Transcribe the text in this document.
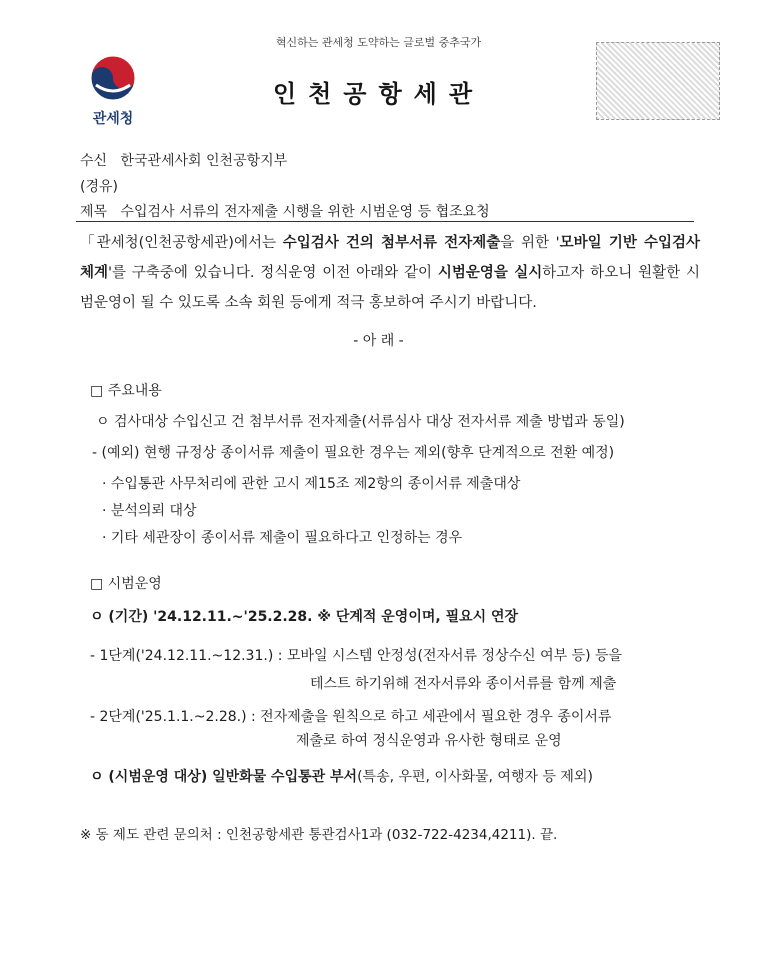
혁신하는 관세청 도약하는 글로벌 중추국가
관세청
인천공항세관
수신 한국관세사회 인천공항지부
(경유)
제목 수입검사 서류의 전자제출 시행을 위한 시범운영 등 협조요청
「관세청(인천공항세관)에서는 수입검사 건의 첨부서류 전자제출을 위한 '모바일 기반 수입검사 체계'를 구축중에 있습니다. 정식운영 이전 아래와 같이 시범운영을 실시하고자 하오니 원활한 시범운영이 될 수 있도록 소속 회원 등에게 적극 홍보하여 주시기 바랍니다.
- 아 래 -
□ 주요내용
ㅇ 검사대상 수입신고 건 첨부서류 전자제출(서류심사 대상 전자서류 제출 방법과 동일)
- (예외) 현행 규정상 종이서류 제출이 필요한 경우는 제외(향후 단계적으로 전환 예정)
· 수입통관 사무처리에 관한 고시 제15조 제2항의 종이서류 제출대상
· 분석의뢰 대상
· 기타 세관장이 종이서류 제출이 필요하다고 인정하는 경우
□ 시범운영
ㅇ (기간) '24.12.11.~'25.2.28. ※ 단계적 운영이며, 필요시 연장
- 1단계('24.12.11.~12.31.) : 모바일 시스템 안정성(전자서류 정상수신 여부 등) 등을
테스트 하기위해 전자서류와 종이서류를 함께 제출
- 2단계('25.1.1.~2.28.) : 전자제출을 원칙으로 하고 세관에서 필요한 경우 종이서류
제출로 하여 정식운영과 유사한 형태로 운영
ㅇ (시범운영 대상) 일반화물 수입통관 부서(특송, 우편, 이사화물, 여행자 등 제외)
※ 동 제도 관련 문의처 : 인천공항세관 통관검사1과 (032-722-4234,4211). 끝.
